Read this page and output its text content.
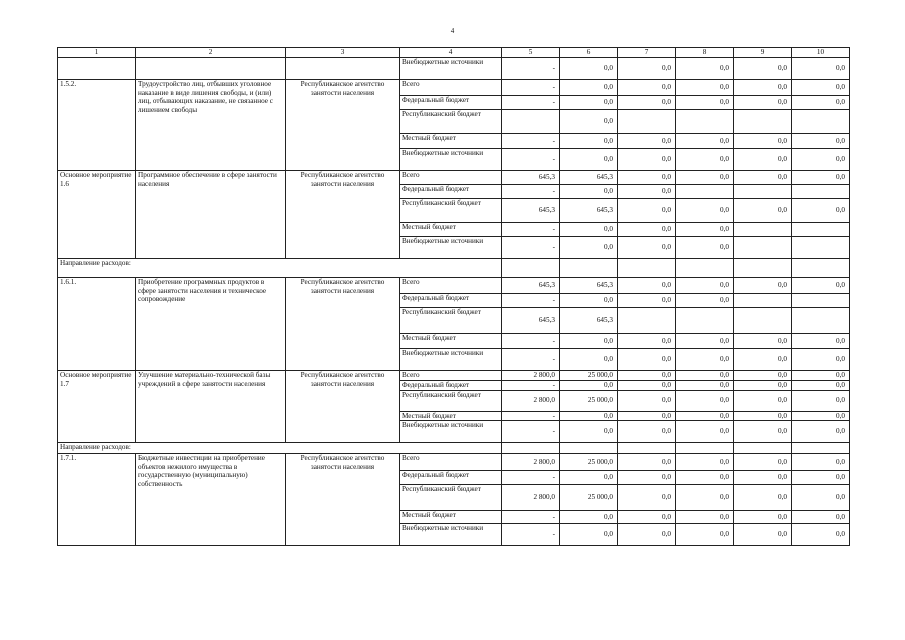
4
1	2	3	4	5	6	7	8	9	10
			Внебюджетные источники	-	0,0	0,0	0,0	0,0	0,0
1.5.2.	Трудоустройство лиц, отбывших уголовное наказание в виде лишения свободы, и (или) лиц, отбывающих наказание, не связанное с лишением свободы	Республиканское агентство занятости населения	Всего	-	0,0	0,0	0,0	0,0	0,0
			Федеральный бюджет	-	0,0	0,0	0,0	0,0	0,0
			Республиканский бюджет		0,0				
			Местный бюджет	-	0,0	0,0	0,0	0,0	0,0
			Внебюджетные источники	-	0,0	0,0	0,0	0,0	0,0
Основное мероприятие 1.6	Программное обеспечение в сфере занятости населения	Республиканское агентство занятости населения	Всего	645,3	645,3	0,0	0,0	0,0	0,0
			Федеральный бюджет	-	0,0	0,0			
			Республиканский бюджет	645,3	645,3	0,0	0,0	0,0	0,0
			Местный бюджет	-	0,0	0,0	0,0		
			Внебюджетные источники	-	0,0	0,0	0,0		
Направление расходов:									
1.6.1.	Приобретение программных продуктов в сфере занятости населения и техническое сопровождение	Республиканское агентство занятости населения	Всего	645,3	645,3	0,0	0,0	0,0	0,0
			Федеральный бюджет	-	0,0	0,0	0,0		
			Республиканский бюджет	645,3	645,3				
			Местный бюджет	-	0,0	0,0	0,0	0,0	0,0
			Внебюджетные источники	-	0,0	0,0	0,0	0,0	0,0
Основное мероприятие 1.7	Улучшение материально-технической базы учреждений в сфере занятости населения	Республиканское агентство занятости населения	Всего	2 800,0	25 000,0	0,0	0,0	0,0	0,0
			Федеральный бюджет	-	0,0	0,0	0,0	0,0	0,0
			Республиканский бюджет	2 800,0	25 000,0	0,0	0,0	0,0	0,0
			Местный бюджет	-	0,0	0,0	0,0	0,0	0,0
			Внебюджетные источники	-	0,0	0,0	0,0	0,0	0,0
Направление расходов:									
1.7.1.	Бюджетные инвестиции на приобретение объектов нежилого имущества в государственную (муниципальную) собственность	Республиканское агентство занятости населения	Всего	2 800,0	25 000,0	0,0	0,0	0,0	0,0
			Федеральный бюджет	-	0,0	0,0	0,0	0,0	0,0
			Республиканский бюджет	2 800,0	25 000,0	0,0	0,0	0,0	0,0
			Местный бюджет	-	0,0	0,0	0,0	0,0	0,0
			Внебюджетные источники	-	0,0	0,0	0,0	0,0	0,0
